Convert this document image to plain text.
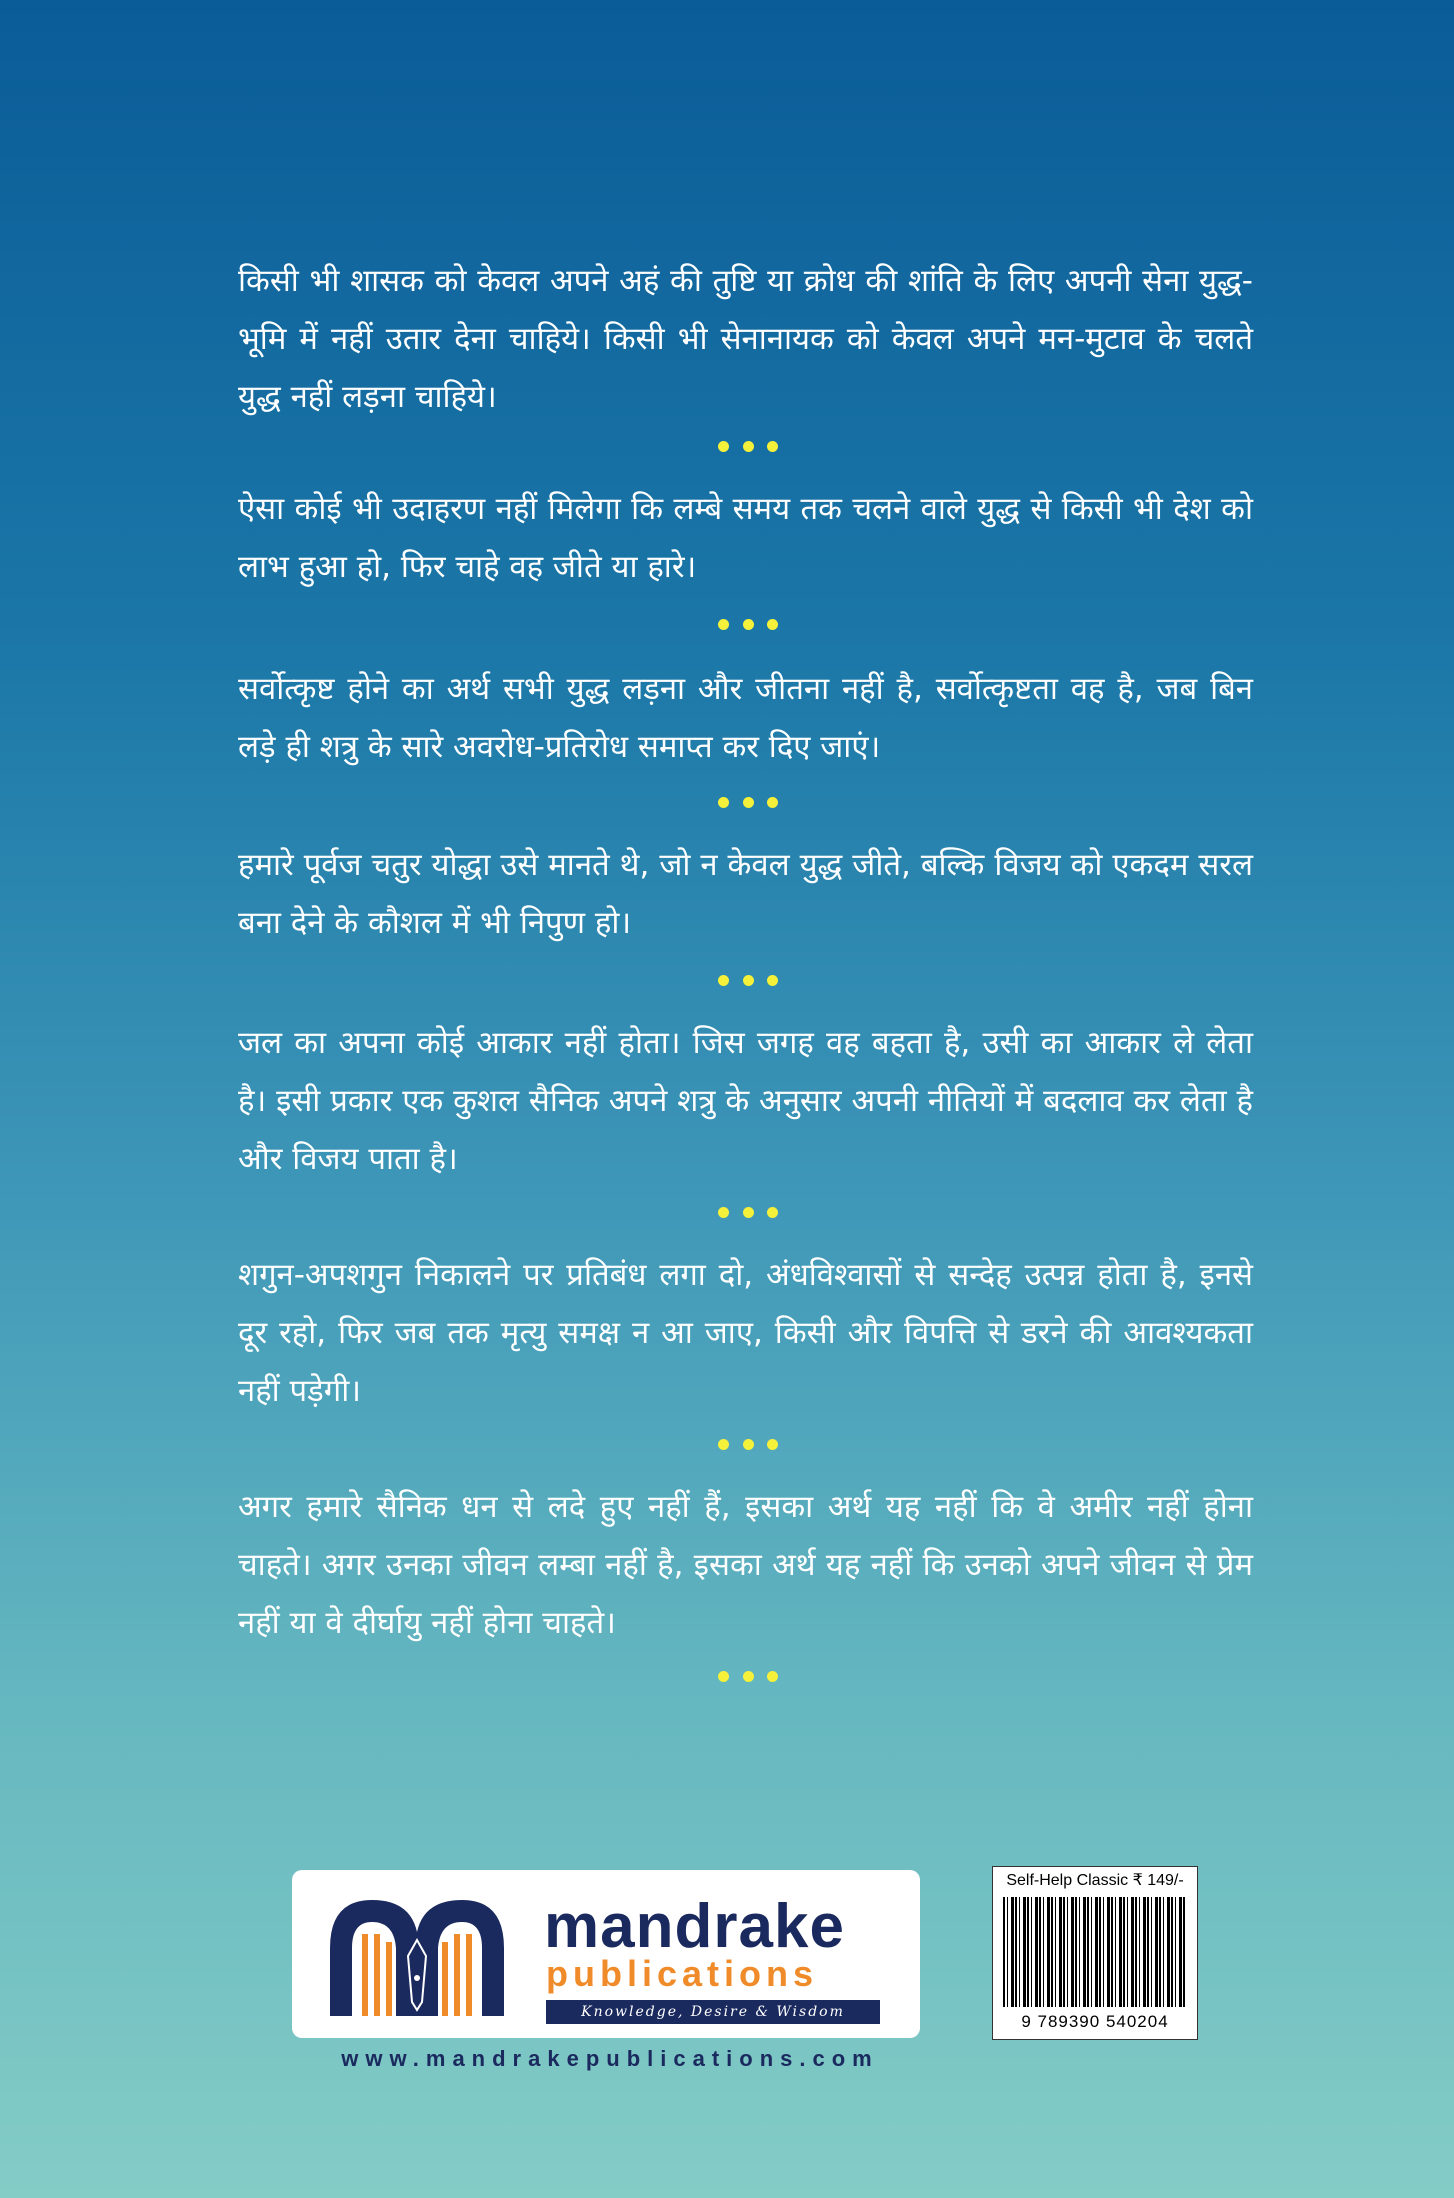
किसी भी शासक को केवल अपने अहं की तुष्टि या क्रोध की शांति के लिए अपनी सेना युद्ध-भूमि में नहीं उतार देना चाहिये। किसी भी सेनानायक को केवल अपने मन-मुटाव के चलते युद्ध नहीं लड़ना चाहिये।

ऐसा कोई भी उदाहरण नहीं मिलेगा कि लम्बे समय तक चलने वाले युद्ध से किसी भी देश को लाभ हुआ हो, फिर चाहे वह जीते या हारे।

सर्वोत्कृष्ट होने का अर्थ सभी युद्ध लड़ना और जीतना नहीं है, सर्वोत्कृष्टता वह है, जब बिन लड़े ही शत्रु के सारे अवरोध-प्रतिरोध समाप्त कर दिए जाएं।

हमारे पूर्वज चतुर योद्धा उसे मानते थे, जो न केवल युद्ध जीते, बल्कि विजय को एकदम सरल बना देने के कौशल में भी निपुण हो।

जल का अपना कोई आकार नहीं होता। जिस जगह वह बहता है, उसी का आकार ले लेता है। इसी प्रकार एक कुशल सैनिक अपने शत्रु के अनुसार अपनी नीतियों में बदलाव कर लेता है और विजय पाता है।

शगुन-अपशगुन निकालने पर प्रतिबंध लगा दो, अंधविश्वासों से सन्देह उत्पन्न होता है, इनसे दूर रहो, फिर जब तक मृत्यु समक्ष न आ जाए, किसी और विपत्ति से डरने की आवश्यकता नहीं पड़ेगी।

अगर हमारे सैनिक धन से लदे हुए नहीं हैं, इसका अर्थ यह नहीं कि वे अमीर नहीं होना चाहते। अगर उनका जीवन लम्बा नहीं है, इसका अर्थ यह नहीं कि उनको अपने जीवन से प्रेम नहीं या वे दीर्घायु नहीं होना चाहते।

mandrake

publications

Knowledge, Desire & Wisdom

www.mandrakepublications.com

Self-Help Classic ₹ 149/-

9 789390 540204
